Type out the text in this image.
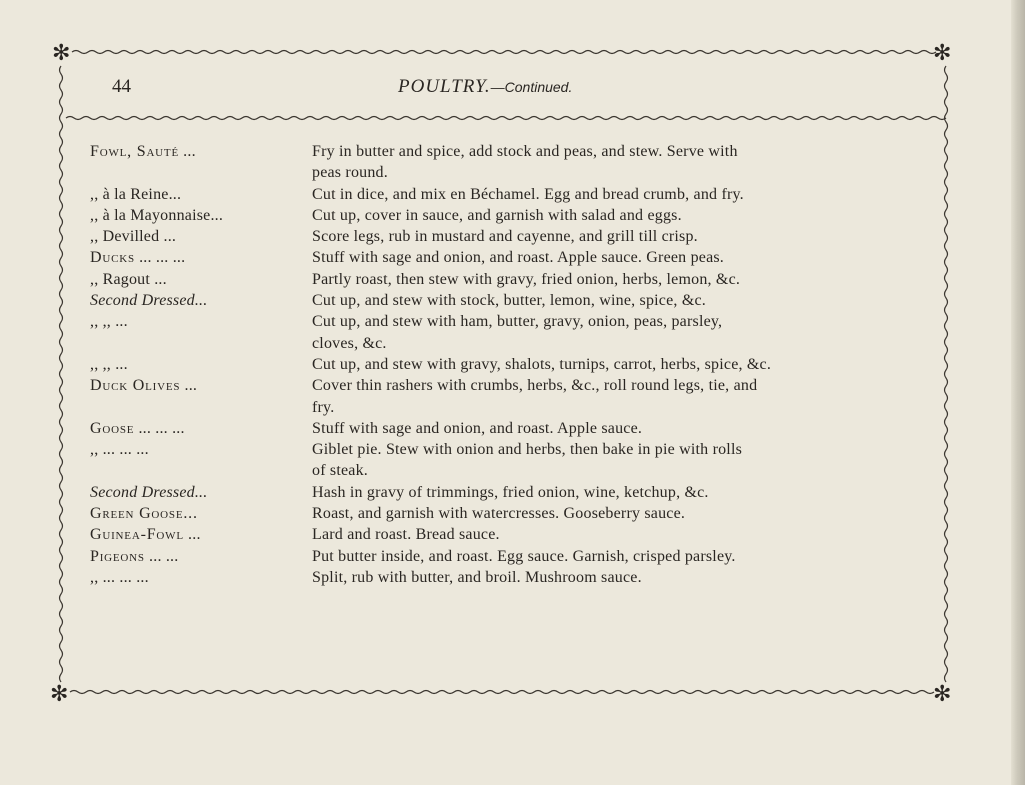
✻	✻
✻	✻
44	POULTRY.—Continued.
Fowl, Sauté ...	Fry in butter and spice, add stock and peas, and stew. Serve with
peas round.
,, à la Reine...	Cut in dice, and mix en Béchamel. Egg and bread crumb, and fry.
,, à la Mayonnaise...	Cut up, cover in sauce, and garnish with salad and eggs.
,, Devilled ...	Score legs, rub in mustard and cayenne, and grill till crisp.
Ducks ... ... ...	Stuff with sage and onion, and roast. Apple sauce. Green peas.
,, Ragout ...	Partly roast, then stew with gravy, fried onion, herbs, lemon, &c.
Second Dressed...	Cut up, and stew with stock, butter, lemon, wine, spice, &c.
,, ,, ...	Cut up, and stew with ham, butter, gravy, onion, peas, parsley,
cloves, &c.
,, ,, ...	Cut up, and stew with gravy, shalots, turnips, carrot, herbs, spice, &c.
Duck Olives ...	Cover thin rashers with crumbs, herbs, &c., roll round legs, tie, and
fry.
Goose ... ... ...	Stuff with sage and onion, and roast. Apple sauce.
,, ... ... ...	Giblet pie. Stew with onion and herbs, then bake in pie with rolls
of steak.
Second Dressed...	Hash in gravy of trimmings, fried onion, wine, ketchup, &c.
Green Goose...	Roast, and garnish with watercresses. Gooseberry sauce.
Guinea-Fowl ...	Lard and roast. Bread sauce.
Pigeons ... ...	Put butter inside, and roast. Egg sauce. Garnish, crisped parsley.
,, ... ... ...	Split, rub with butter, and broil. Mushroom sauce.
